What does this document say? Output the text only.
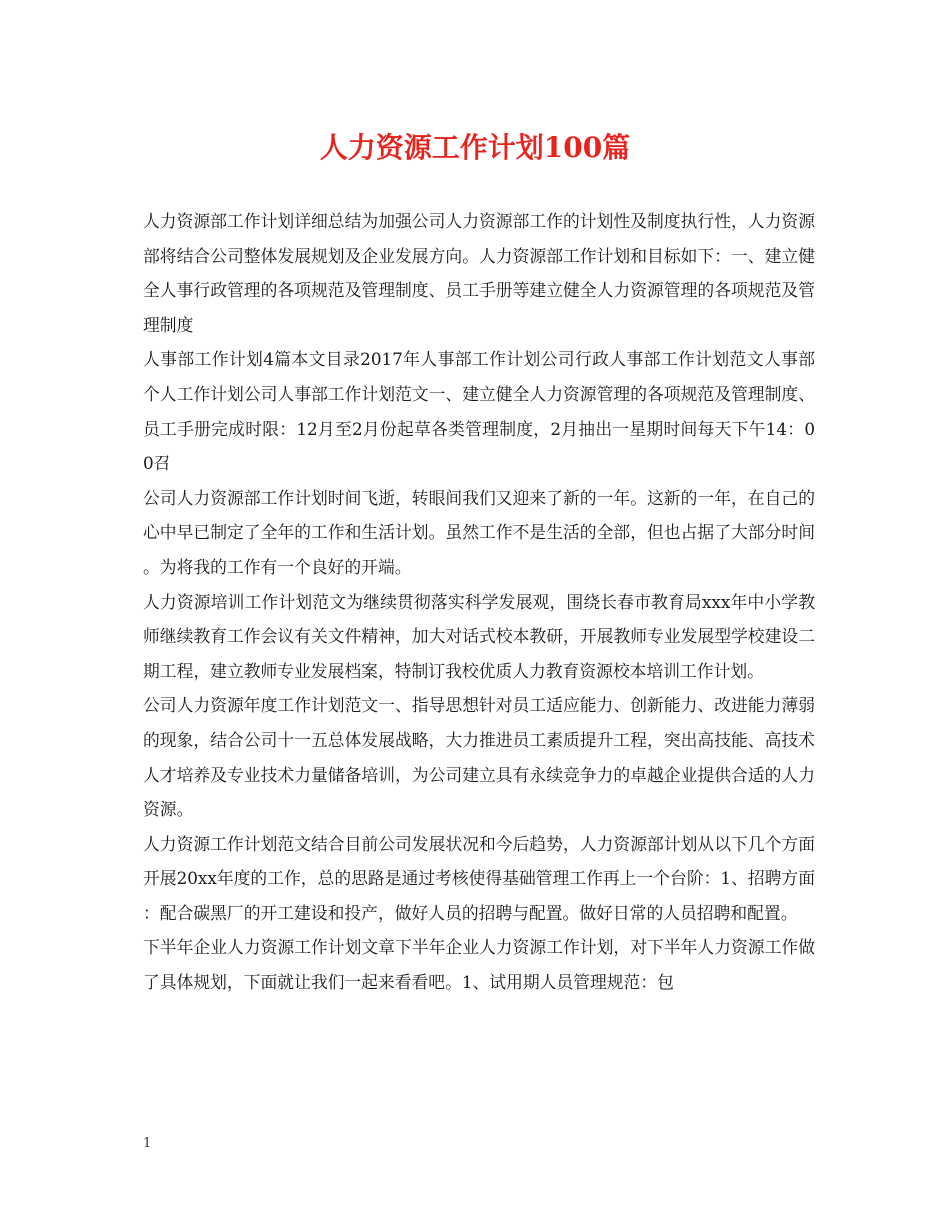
人力资源工作计划100篇

人力资源部工作计划详细总结为加强公司人力资源部工作的计划性及制度执行性，人力资源部将结合公司整体发展规划及企业发展方向。人力资源部工作计划和目标如下：一、建立健全人事行政管理的各项规范及管理制度、员工手册等建立健全人力资源管理的各项规范及管理制度

人事部工作计划4篇本文目录2017年人事部工作计划公司行政人事部工作计划范文人事部个人工作计划公司人事部工作计划范文一、建立健全人力资源管理的各项规范及管理制度、员工手册完成时限：12月至2月份起草各类管理制度，2月抽出一星期时间每天下午14：00召

公司人力资源部工作计划时间飞逝，转眼间我们又迎来了新的一年。这新的一年，在自己的心中早已制定了全年的工作和生活计划。虽然工作不是生活的全部，但也占据了大部分时间。为将我的工作有一个良好的开端。

人力资源培训工作计划范文为继续贯彻落实科学发展观，围绕长春市教育局xxx年中小学教师继续教育工作会议有关文件精神，加大对话式校本教研，开展教师专业发展型学校建设二期工程，建立教师专业发展档案，特制订我校优质人力教育资源校本培训工作计划。

公司人力资源年度工作计划范文一、指导思想针对员工适应能力、创新能力、改进能力薄弱的现象，结合公司十一五总体发展战略，大力推进员工素质提升工程，突出高技能、高技术人才培养及专业技术力量储备培训，为公司建立具有永续竞争力的卓越企业提供合适的人力资源。

人力资源工作计划范文结合目前公司发展状况和今后趋势，人力资源部计划从以下几个方面开展20xx年度的工作，总的思路是通过考核使得基础管理工作再上一个台阶：1、招聘方面：配合碳黑厂的开工建设和投产，做好人员的招聘与配置。做好日常的人员招聘和配置。

下半年企业人力资源工作计划文章下半年企业人力资源工作计划，对下半年人力资源工作做了具体规划，下面就让我们一起来看看吧。1、试用期人员管理规范：包

1
